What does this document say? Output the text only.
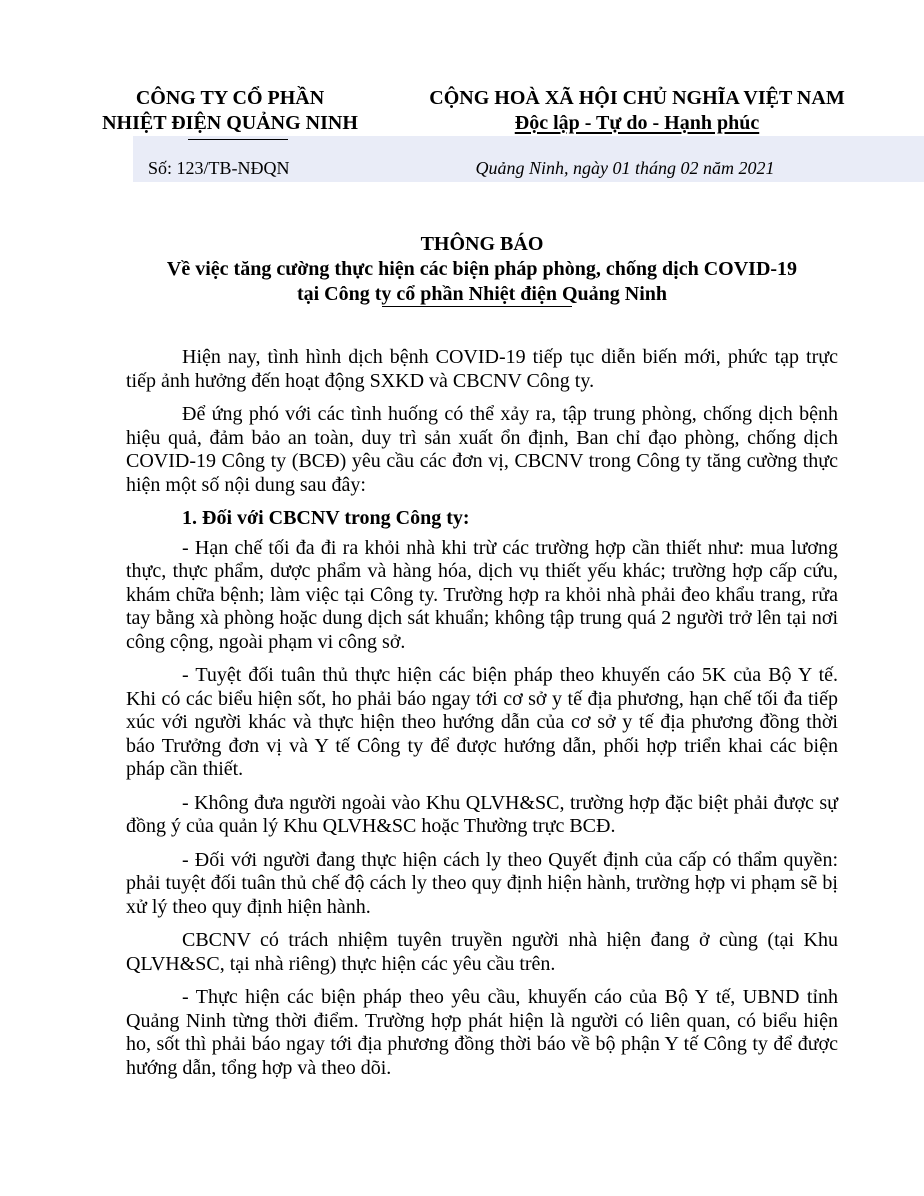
CÔNG TY CỔ PHẦN
NHIỆT ĐIỆN QUẢNG NINH
CỘNG HOÀ XÃ HỘI CHỦ NGHĨA VIỆT NAM
Độc lập - Tự do - Hạnh phúc
Số: 123/TB-NĐQN	Quảng Ninh, ngày 01 tháng 02 năm 2021
THÔNG BÁO
Về việc tăng cường thực hiện các biện pháp phòng, chống dịch COVID-19
tại Công ty cổ phần Nhiệt điện Quảng Ninh

Hiện nay, tình hình dịch bệnh COVID-19 tiếp tục diễn biến mới, phức tạp trực tiếp ảnh hưởng đến hoạt động SXKD và CBCNV Công ty.

Để ứng phó với các tình huống có thể xảy ra, tập trung phòng, chống dịch bệnh hiệu quả, đảm bảo an toàn, duy trì sản xuất ổn định, Ban chỉ đạo phòng, chống dịch COVID-19 Công ty (BCĐ) yêu cầu các đơn vị, CBCNV trong Công ty tăng cường thực hiện một số nội dung sau đây:

1. Đối với CBCNV trong Công ty:

- Hạn chế tối đa đi ra khỏi nhà khi trừ các trường hợp cần thiết như: mua lương thực, thực phẩm, dược phẩm và hàng hóa, dịch vụ thiết yếu khác; trường hợp cấp cứu, khám chữa bệnh; làm việc tại Công ty. Trường hợp ra khỏi nhà phải đeo khẩu trang, rửa tay bằng xà phòng hoặc dung dịch sát khuẩn; không tập trung quá 2 người trở lên tại nơi công cộng, ngoài phạm vi công sở.

- Tuyệt đối tuân thủ thực hiện các biện pháp theo khuyến cáo 5K của Bộ Y tế. Khi có các biểu hiện sốt, ho phải báo ngay tới cơ sở y tế địa phương, hạn chế tối đa tiếp xúc với người khác và thực hiện theo hướng dẫn của cơ sở y tế địa phương đồng thời báo Trưởng đơn vị và Y tế Công ty để được hướng dẫn, phối hợp triển khai các biện pháp cần thiết.

- Không đưa người ngoài vào Khu QLVH&SC, trường hợp đặc biệt phải được sự đồng ý của quản lý Khu QLVH&SC hoặc Thường trực BCĐ.

- Đối với người đang thực hiện cách ly theo Quyết định của cấp có thẩm quyền: phải tuyệt đối tuân thủ chế độ cách ly theo quy định hiện hành, trường hợp vi phạm sẽ bị xử lý theo quy định hiện hành.

CBCNV có trách nhiệm tuyên truyền người nhà hiện đang ở cùng (tại Khu QLVH&SC, tại nhà riêng) thực hiện các yêu cầu trên.

- Thực hiện các biện pháp theo yêu cầu, khuyến cáo của Bộ Y tế, UBND tỉnh Quảng Ninh từng thời điểm. Trường hợp phát hiện là người có liên quan, có biểu hiện ho, sốt thì phải báo ngay tới địa phương đồng thời báo về bộ phận Y tế Công ty để được hướng dẫn, tổng hợp và theo dõi.
